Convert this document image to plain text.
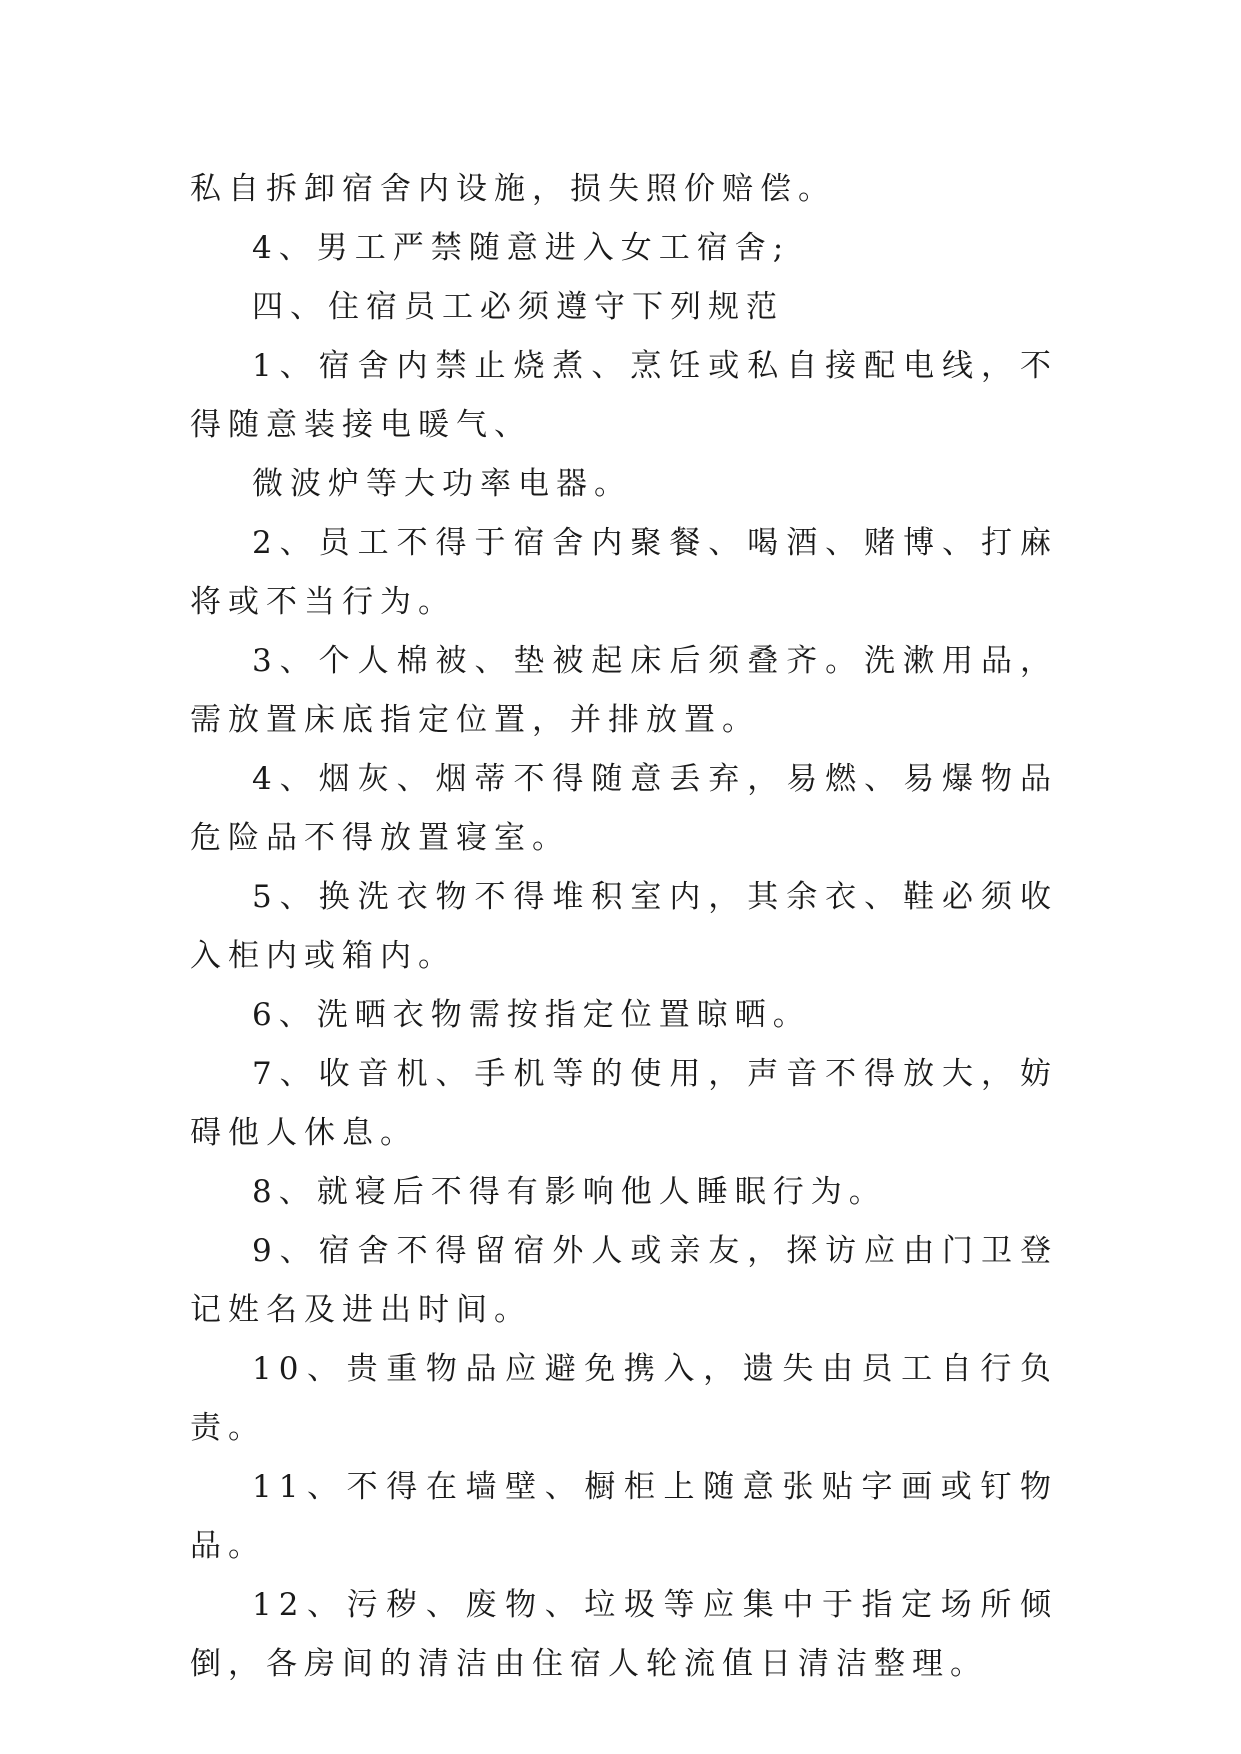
私自拆卸宿舍内设施，损失照价赔偿。

4、男工严禁随意进入女工宿舍;

四、住宿员工必须遵守下列规范

1、宿舍内禁止烧煮、烹饪或私自接配电线，不得随意装接电暖气、

微波炉等大功率电器。

2、员工不得于宿舍内聚餐、喝酒、赌博、打麻将或不当行为。

3、个人棉被、垫被起床后须叠齐。洗漱用品，需放置床底指定位置，并排放置。

4、烟灰、烟蒂不得随意丢弃，易燃、易爆物品危险品不得放置寝室。

5、换洗衣物不得堆积室内，其余衣、鞋必须收入柜内或箱内。

6、洗晒衣物需按指定位置晾晒。

7、收音机、手机等的使用，声音不得放大，妨碍他人休息。

8、就寝后不得有影响他人睡眠行为。

9、宿舍不得留宿外人或亲友，探访应由门卫登记姓名及进出时间。

10、贵重物品应避免携入，遗失由员工自行负责。

11、不得在墙壁、橱柜上随意张贴字画或钉物品。

12、污秽、废物、垃圾等应集中于指定场所倾倒，各房间的清洁由住宿人轮流值日清洁整理。
